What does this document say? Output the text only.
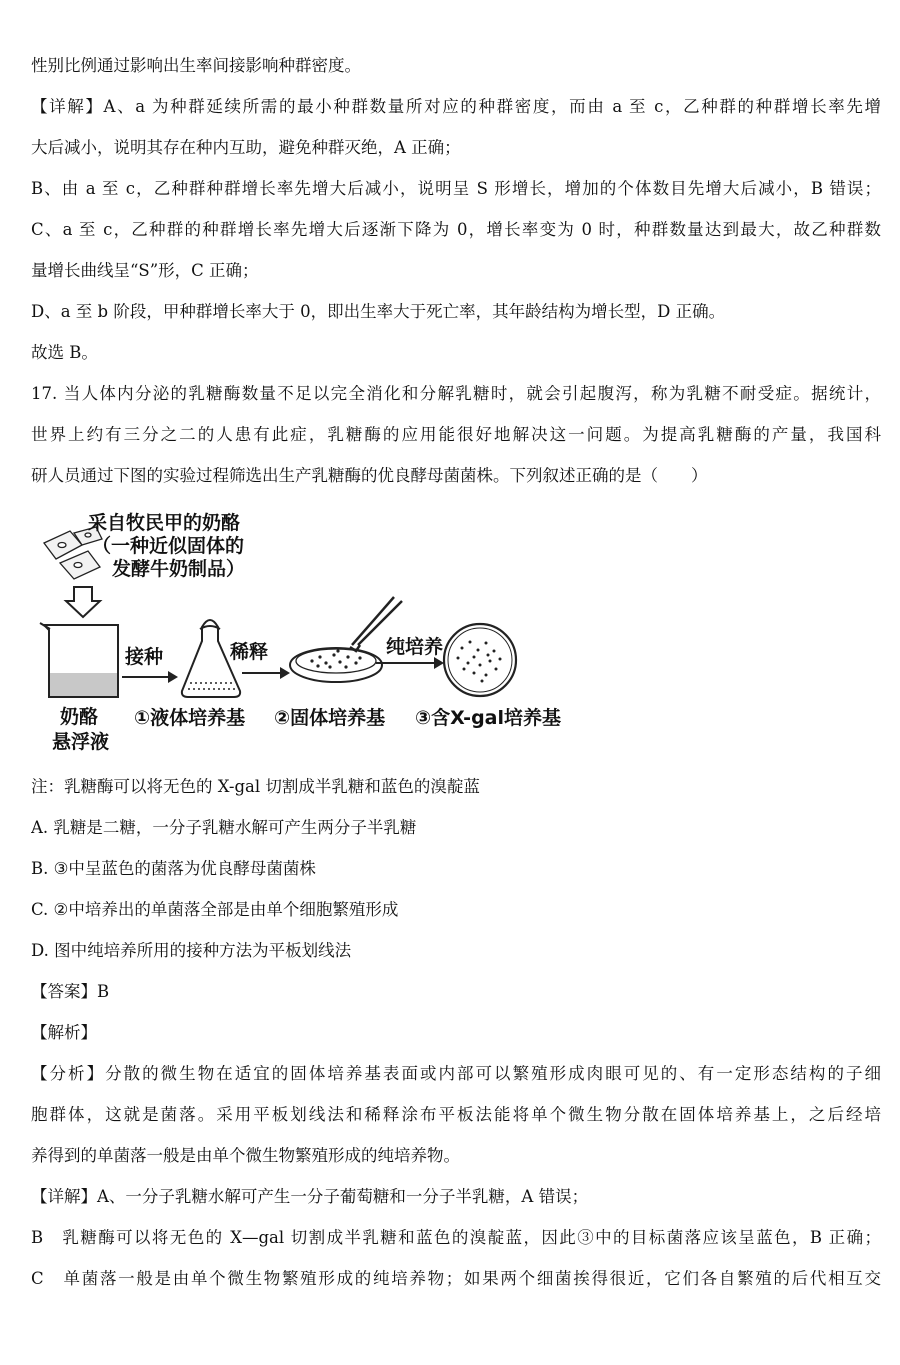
性别比例通过影响出生率间接影响种群密度。
【详解】A、a 为种群延续所需的最小种群数量所对应的种群密度，而由 a 至 c，乙种群的种群增长率先增
大后减小，说明其存在种内互助，避免种群灭绝，A 正确；
B、由 a 至 c，乙种群种群增长率先增大后减小，说明呈 S 形增长，增加的个体数目先增大后减小，B 错误；
C、a 至 c，乙种群的种群增长率先增大后逐渐下降为 0，增长率变为 0 时，种群数量达到最大，故乙种群数
量增长曲线呈“S”形，C 正确；
D、a 至 b 阶段，甲种群增长率大于 0，即出生率大于死亡率，其年龄结构为增长型，D 正确。
故选 B。
17. 当人体内分泌的乳糖酶数量不足以完全消化和分解乳糖时，就会引起腹泻，称为乳糖不耐受症。据统计，
世界上约有三分之二的人患有此症，乳糖酶的应用能很好地解决这一问题。为提高乳糖酶的产量，我国科
研人员通过下图的实验过程筛选出生产乳糖酶的优良酵母菌菌株。下列叙述正确的是（　　）
采自牧民甲的奶酪
（一种近似固体的
发酵牛奶制品）
奶酪
悬浮液
接种	稀释	纯培养
①液体培养基 ②固体培养基 ③含X-gal培养基
注：乳糖酶可以将无色的 X-gal 切割成半乳糖和蓝色的溴靛蓝
A. 乳糖是二糖，一分子乳糖水解可产生两分子半乳糖
B. ③中呈蓝色的菌落为优良酵母菌菌株
C. ②中培养出的单菌落全部是由单个细胞繁殖形成
D. 图中纯培养所用的接种方法为平板划线法
【答案】B
【解析】
【分析】分散的微生物在适宜的固体培养基表面或内部可以繁殖形成肉眼可见的、有一定形态结构的子细
胞群体，这就是菌落。采用平板划线法和稀释涂布平板法能将单个微生物分散在固体培养基上，之后经培
养得到的单菌落一般是由单个微生物繁殖形成的纯培养物。
【详解】A、一分子乳糖水解可产生一分子葡萄糖和一分子半乳糖，A 错误；
B　乳糖酶可以将无色的 X—gal 切割成半乳糖和蓝色的溴靛蓝，因此③中的目标菌落应该呈蓝色，B 正确；
C　单菌落一般是由单个微生物繁殖形成的纯培养物；如果两个细菌挨得很近，它们各自繁殖的后代相互交
